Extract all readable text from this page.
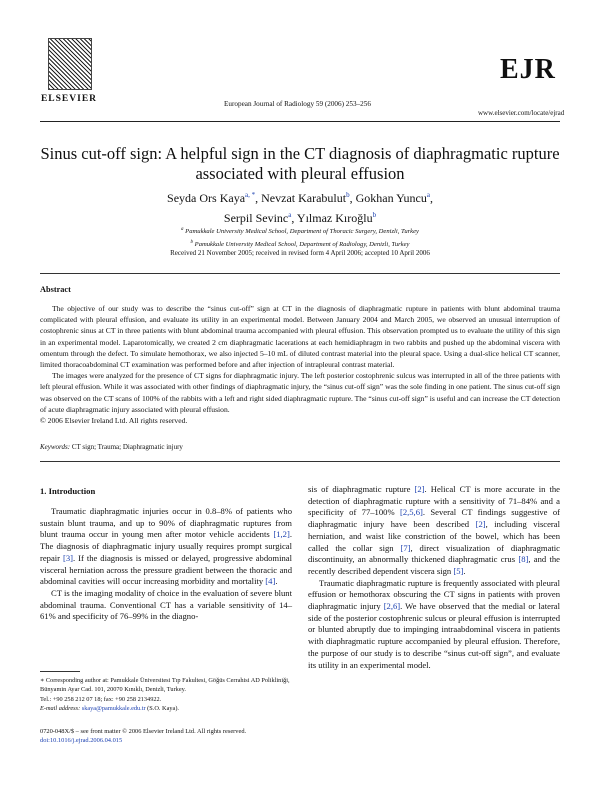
ELSEVIER	European Journal of Radiology 59 (2006) 253–256
EJR
www.elsevier.com/locate/ejrad
Sinus cut-off sign: A helpful sign in the CT diagnosis of diaphragmatic rupture associated with pleural effusion
Seyda Ors Kaya$^{a, *}$, Nevzat Karabulut$^b$, Gokhan Yuncu$^a$,
Serpil Sevinc$^a$, Yılmaz Kıroğlu$^b$
$^a$ Pamukkale University Medical School, Department of Thoracic Surgery, Denizli, Turkey
$^b$ Pamukkale University Medical School, Department of Radiology, Denizli, Turkey
Received 21 November 2005; received in revised form 4 April 2006; accepted 10 April 2006
Abstract

The objective of our study was to describe the “sinus cut-off” sign at CT in the diagnosis of diaphragmatic rupture in patients with blunt abdominal trauma complicated with pleural effusion, and evaluate its utility in an experimental model. Between January 2004 and March 2005, we observed an unusual interruption of costophrenic sinus at CT in three patients with blunt abdominal trauma accompanied with pleural effusion. This observation prompted us to evaluate the utility of this sign in an experimental model. Laparotomically, we created 2 cm diaphragmatic lacerations at each hemidiaphragm in two rabbits and pushed up the abdominal viscera with omentum through the defect. To simulate hemothorax, we also injected 5–10 mL of diluted contrast material into the pleural space. Using a dual-slice helical CT scanner, limited thoracoabdominal CT examination was performed before and after injection of intrapleural contrast material.

The images were analyzed for the presence of CT signs for diaphragmatic injury. The left posterior costophrenic sulcus was interrupted in all of the three patients with left pleural effusion. While it was associated with other findings of diaphragmatic injury, the “sinus cut-off sign” was the sole finding in one patient. The sinus cut-off sign was observed on the CT scans of 100% of the rabbits with a left and right sided diaphragmatic rupture. The “sinus cut-off sign” is useful and can increase the CT detection of acute diaphragmatic injury associated with pleural effusion.

© 2006 Elsevier Ireland Ltd. All rights reserved.

Keywords: CT sign; Trauma; Diaphragmatic injury
1. Introduction

Traumatic diaphragmatic injuries occur in 0.8–8% of patients who sustain blunt trauma, and up to 90% of diaphragmatic ruptures from blunt trauma occur in young men after motor vehicle accidents [1,2]. The diagnosis of diaphragmatic injury usually requires prompt surgical repair [3]. If the diagnosis is missed or delayed, progressive abdominal visceral herniation across the pressure gradient between the thoracic and abdominal cavities will occur increasing morbidity and mortality [4].

CT is the imaging modality of choice in the evaluation of severe blunt abdominal trauma. Conventional CT has a variable sensitivity of 14–61% and specificity of 76–99% in the diagno-

sis of diaphragmatic rupture [2]. Helical CT is more accurate in the detection of diaphragmatic rupture with a sensitivity of 71–84% and a specificity of 77–100% [2,5,6]. Several CT findings suggestive of diaphragmatic injury have been described [2], including visceral herniation, and waist like constriction of the bowel, which has been called the collar sign [7], direct visualization of diaphragmatic discontinuity, an abnormally thickened diaphragmatic crus [8], and the recently described dependent viscera sign [5].

Traumatic diaphragmatic rupture is frequently associated with pleural effusion or hemothorax obscuring the CT signs in patients with proven diaphragmatic injury [2,6]. We have observed that the medial or lateral side of the posterior costophrenic sulcus or pleural effusion is interrupted or blunted abruptly due to impinging intraabdominal viscera in patients with diaphragmatic rupture accompanied by pleural effusion. Therefore, the purpose of our study is to describe “sinus cut-off sign”, and evaluate its utility in an experimental model.

∗ Corresponding author at: Pamukkale Üniversitesi Tıp Fakultesi, Göğüs Cerrahisi AD Polikliniği, Bünyamin Ayar Cad. 101, 20070 Kınıklı, Denizli, Turkey.
Tel.: +90 258 212 07 18; fax: +90 258 2134922.
E-mail address: skaya@pamukkale.edu.tr (S.O. Kaya).
0720-048X/$ – see front matter © 2006 Elsevier Ireland Ltd. All rights reserved.
doi:10.1016/j.ejrad.2006.04.015
